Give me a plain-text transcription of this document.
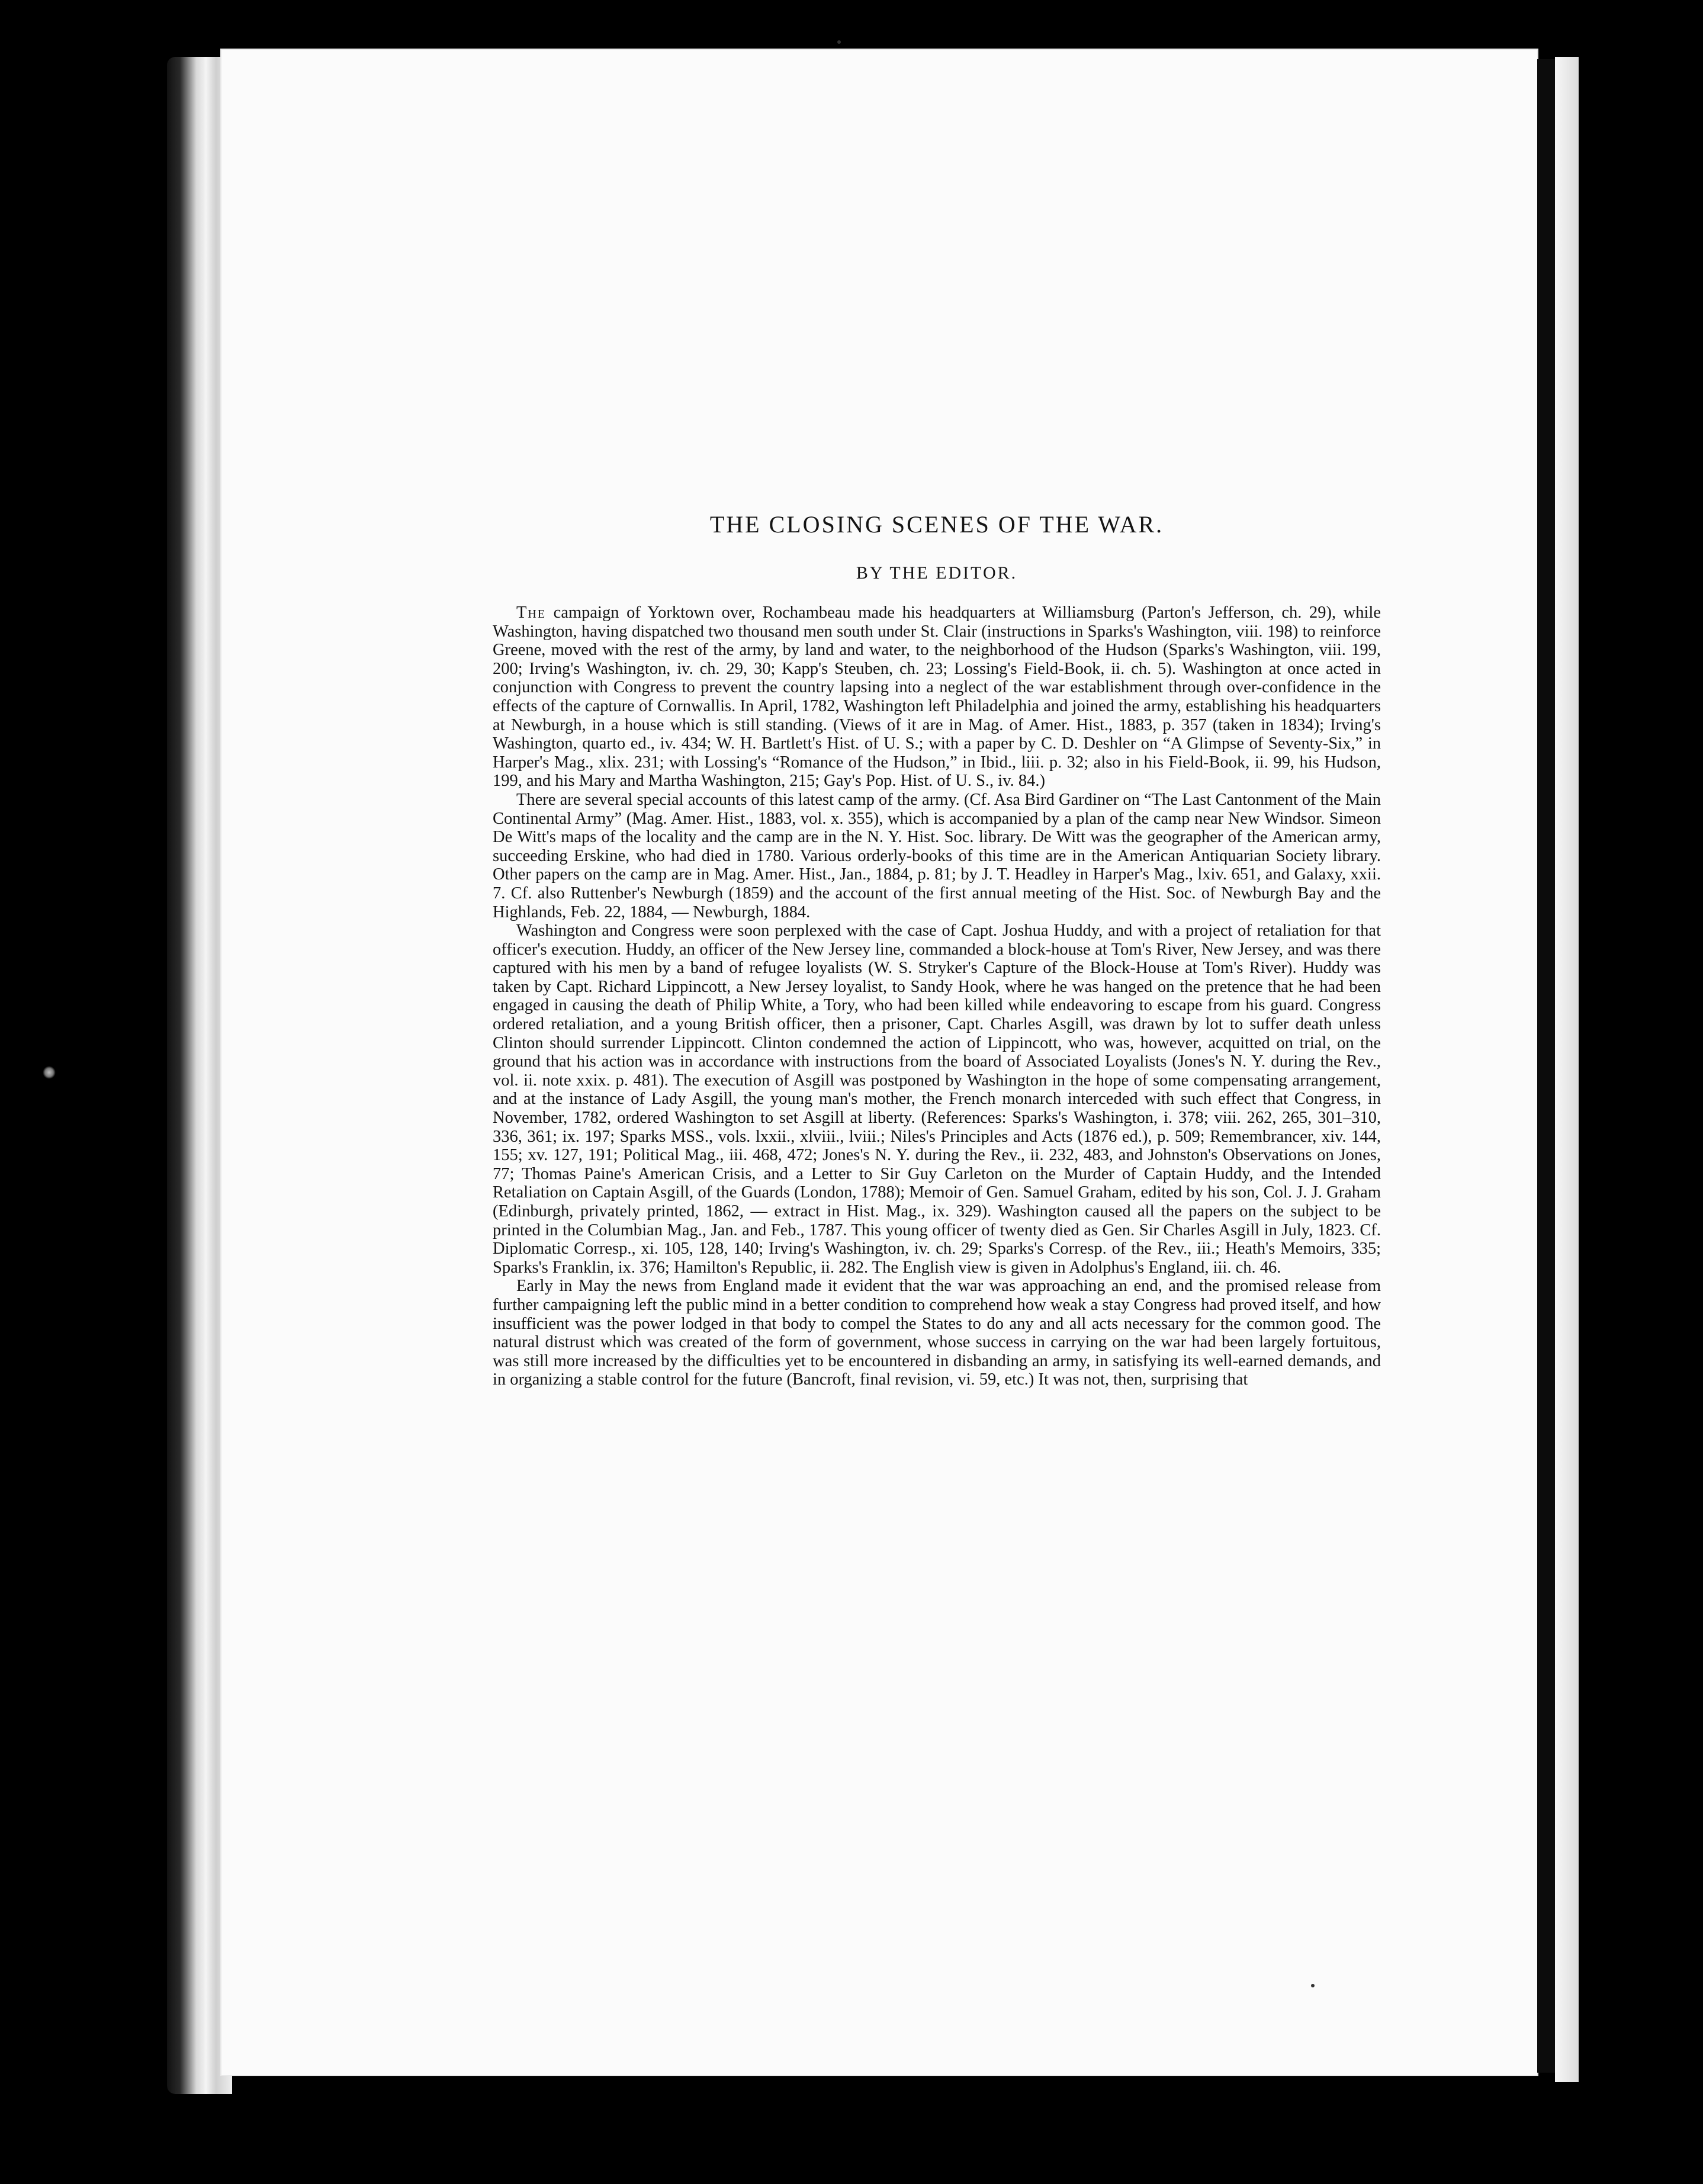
THE CLOSING SCENES OF THE WAR.
BY THE EDITOR.

The campaign of Yorktown over, Rochambeau made his headquarters at Williamsburg (Parton's Jefferson, ch. 29), while Washington, having dispatched two thousand men south under St. Clair (instructions in Sparks's Washington, viii. 198) to reinforce Greene, moved with the rest of the army, by land and water, to the neighborhood of the Hudson (Sparks's Washington, viii. 199, 200; Irving's Washington, iv. ch. 29, 30; Kapp's Steuben, ch. 23; Lossing's Field-Book, ii. ch. 5). Washington at once acted in conjunction with Congress to prevent the country lapsing into a neglect of the war establishment through over-confidence in the effects of the capture of Cornwallis. In April, 1782, Washington left Philadelphia and joined the army, establishing his headquarters at Newburgh, in a house which is still standing. (Views of it are in Mag. of Amer. Hist., 1883, p. 357 (taken in 1834); Irving's Washington, quarto ed., iv. 434; W. H. Bartlett's Hist. of U. S.; with a paper by C. D. Deshler on “A Glimpse of Seventy-Six,” in Harper's Mag., xlix. 231; with Lossing's “Romance of the Hudson,” in Ibid., liii. p. 32; also in his Field-Book, ii. 99, his Hudson, 199, and his Mary and Martha Washington, 215; Gay's Pop. Hist. of U. S., iv. 84.)

There are several special accounts of this latest camp of the army. (Cf. Asa Bird Gardiner on “The Last Cantonment of the Main Continental Army” (Mag. Amer. Hist., 1883, vol. x. 355), which is accompanied by a plan of the camp near New Windsor. Simeon De Witt's maps of the locality and the camp are in the N. Y. Hist. Soc. library. De Witt was the geographer of the American army, succeeding Erskine, who had died in 1780. Various orderly-books of this time are in the American Antiquarian Society library. Other papers on the camp are in Mag. Amer. Hist., Jan., 1884, p. 81; by J. T. Headley in Harper's Mag., lxiv. 651, and Galaxy, xxii. 7. Cf. also Ruttenber's Newburgh (1859) and the account of the first annual meeting of the Hist. Soc. of Newburgh Bay and the Highlands, Feb. 22, 1884, — Newburgh, 1884.

Washington and Congress were soon perplexed with the case of Capt. Joshua Huddy, and with a project of retaliation for that officer's execution. Huddy, an officer of the New Jersey line, commanded a block-house at Tom's River, New Jersey, and was there captured with his men by a band of refugee loyalists (W. S. Stryker's Capture of the Block-House at Tom's River). Huddy was taken by Capt. Richard Lippincott, a New Jersey loyalist, to Sandy Hook, where he was hanged on the pretence that he had been engaged in causing the death of Philip White, a Tory, who had been killed while endeavoring to escape from his guard. Congress ordered retaliation, and a young British officer, then a prisoner, Capt. Charles Asgill, was drawn by lot to suffer death unless Clinton should surrender Lippincott. Clinton condemned the action of Lippincott, who was, however, acquitted on trial, on the ground that his action was in accordance with instructions from the board of Associated Loyalists (Jones's N. Y. during the Rev., vol. ii. note xxix. p. 481). The execution of Asgill was postponed by Washington in the hope of some compensating arrangement, and at the instance of Lady Asgill, the young man's mother, the French monarch interceded with such effect that Congress, in November, 1782, ordered Washington to set Asgill at liberty. (References: Sparks's Washington, i. 378; viii. 262, 265, 301–310, 336, 361; ix. 197; Sparks MSS., vols. lxxii., xlviii., lviii.; Niles's Principles and Acts (1876 ed.), p. 509; Remembrancer, xiv. 144, 155; xv. 127, 191; Political Mag., iii. 468, 472; Jones's N. Y. during the Rev., ii. 232, 483, and Johnston's Observations on Jones, 77; Thomas Paine's American Crisis, and a Letter to Sir Guy Carleton on the Murder of Captain Huddy, and the Intended Retaliation on Captain Asgill, of the Guards (London, 1788); Memoir of Gen. Samuel Graham, edited by his son, Col. J. J. Graham (Edinburgh, privately printed, 1862, — extract in Hist. Mag., ix. 329). Washington caused all the papers on the subject to be printed in the Columbian Mag., Jan. and Feb., 1787. This young officer of twenty died as Gen. Sir Charles Asgill in July, 1823. Cf. Diplomatic Corresp., xi. 105, 128, 140; Irving's Washington, iv. ch. 29; Sparks's Corresp. of the Rev., iii.; Heath's Memoirs, 335; Sparks's Franklin, ix. 376; Hamilton's Republic, ii. 282. The English view is given in Adolphus's England, iii. ch. 46.

Early in May the news from England made it evident that the war was approaching an end, and the promised release from further campaigning left the public mind in a better condition to comprehend how weak a stay Congress had proved itself, and how insufficient was the power lodged in that body to compel the States to do any and all acts necessary for the common good. The natural distrust which was created of the form of government, whose success in carrying on the war had been largely fortuitous, was still more increased by the difficulties yet to be encountered in disbanding an army, in satisfying its well-earned demands, and in organizing a stable control for the future (Bancroft, final revision, vi. 59, etc.) It was not, then, surprising that
